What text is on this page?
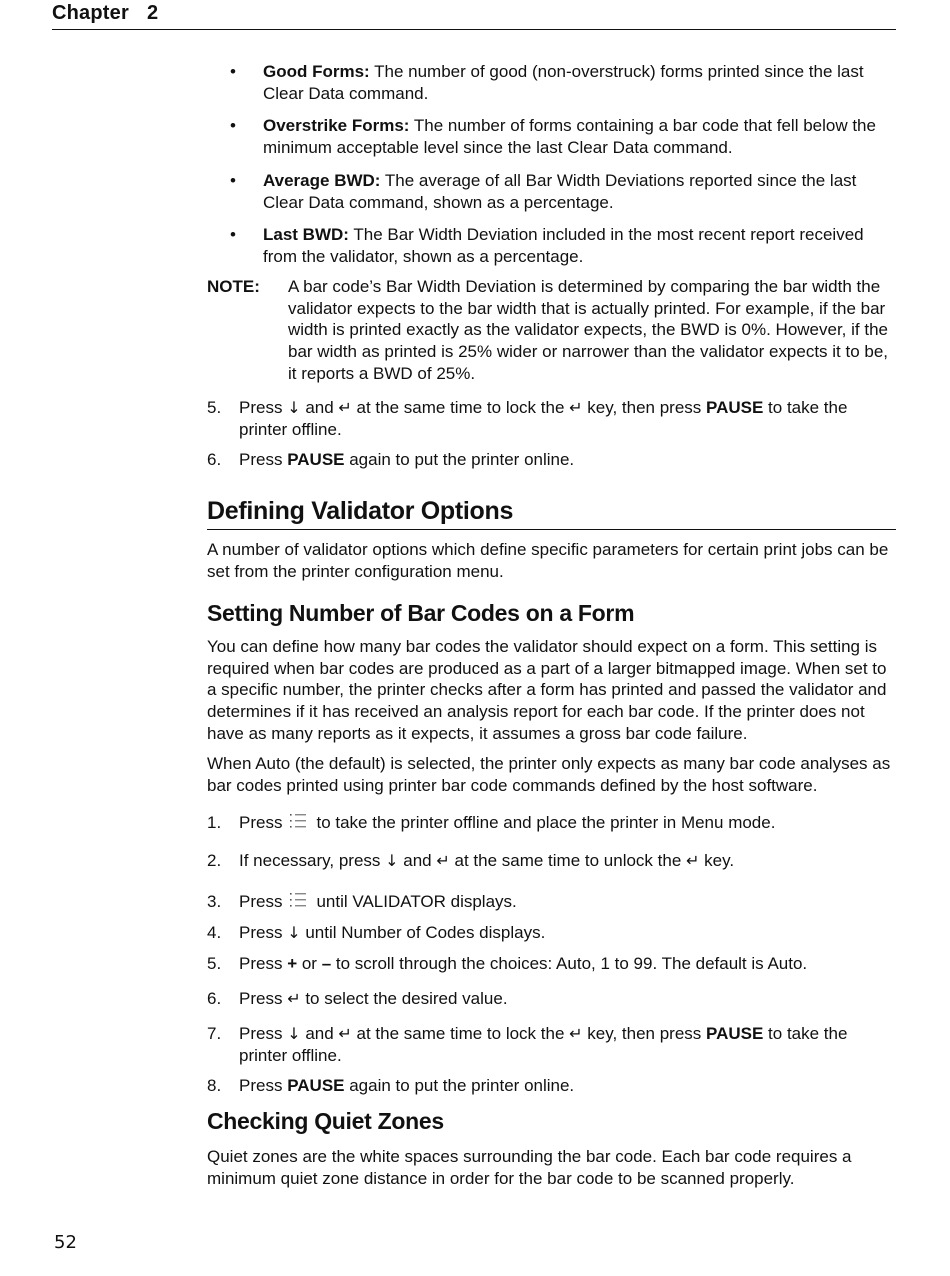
Chapter 2
• Good Forms: The number of good (non-overstruck) forms printed since the last Clear Data command.
• Overstrike Forms: The number of forms containing a bar code that fell below the minimum acceptable level since the last Clear Data command.
• Average BWD: The average of all Bar Width Deviations reported since the last Clear Data command, shown as a percentage.
• Last BWD: The Bar Width Deviation included in the most recent report received from the validator, shown as a percentage.
NOTE: A bar code’s Bar Width Deviation is determined by comparing the bar width the validator expects to the bar width that is actually printed. For example, if the bar width is printed exactly as the validator expects, the BWD is 0%. However, if the bar width as printed is 25% wider or narrower than the validator expects it to be, it reports a BWD of 25%.
5. Press ↓ and ↵ at the same time to lock the ↵ key, then press PAUSE to take the printer offline.
6. Press PAUSE again to put the printer online.
Defining Validator Options
A number of validator options which define specific parameters for certain print jobs can be set from the printer configuration menu.
Setting Number of Bar Codes on a Form
You can define how many bar codes the validator should expect on a form. This setting is required when bar codes are produced as a part of a larger bitmapped image. When set to a specific number, the printer checks after a form has printed and passed the validator and determines if it has received an analysis report for each bar code. If the printer does not have as many reports as it expects, it assumes a gross bar code failure.
When Auto (the default) is selected, the printer only expects as many bar code analyses as bar codes printed using printer bar code commands defined by the host software.
1. Press to take the printer offline and place the printer in Menu mode.
2. If necessary, press ↓ and ↵ at the same time to unlock the ↵ key.
3. Press until VALIDATOR displays.
4. Press ↓ until Number of Codes displays.
5. Press + or – to scroll through the choices: Auto, 1 to 99. The default is Auto.
6. Press ↵ to select the desired value.
7. Press ↓ and ↵ at the same time to lock the ↵ key, then press PAUSE to take the printer offline.
8. Press PAUSE again to put the printer online.
Checking Quiet Zones
Quiet zones are the white spaces surrounding the bar code. Each bar code requires a minimum quiet zone distance in order for the bar code to be scanned properly.
52
